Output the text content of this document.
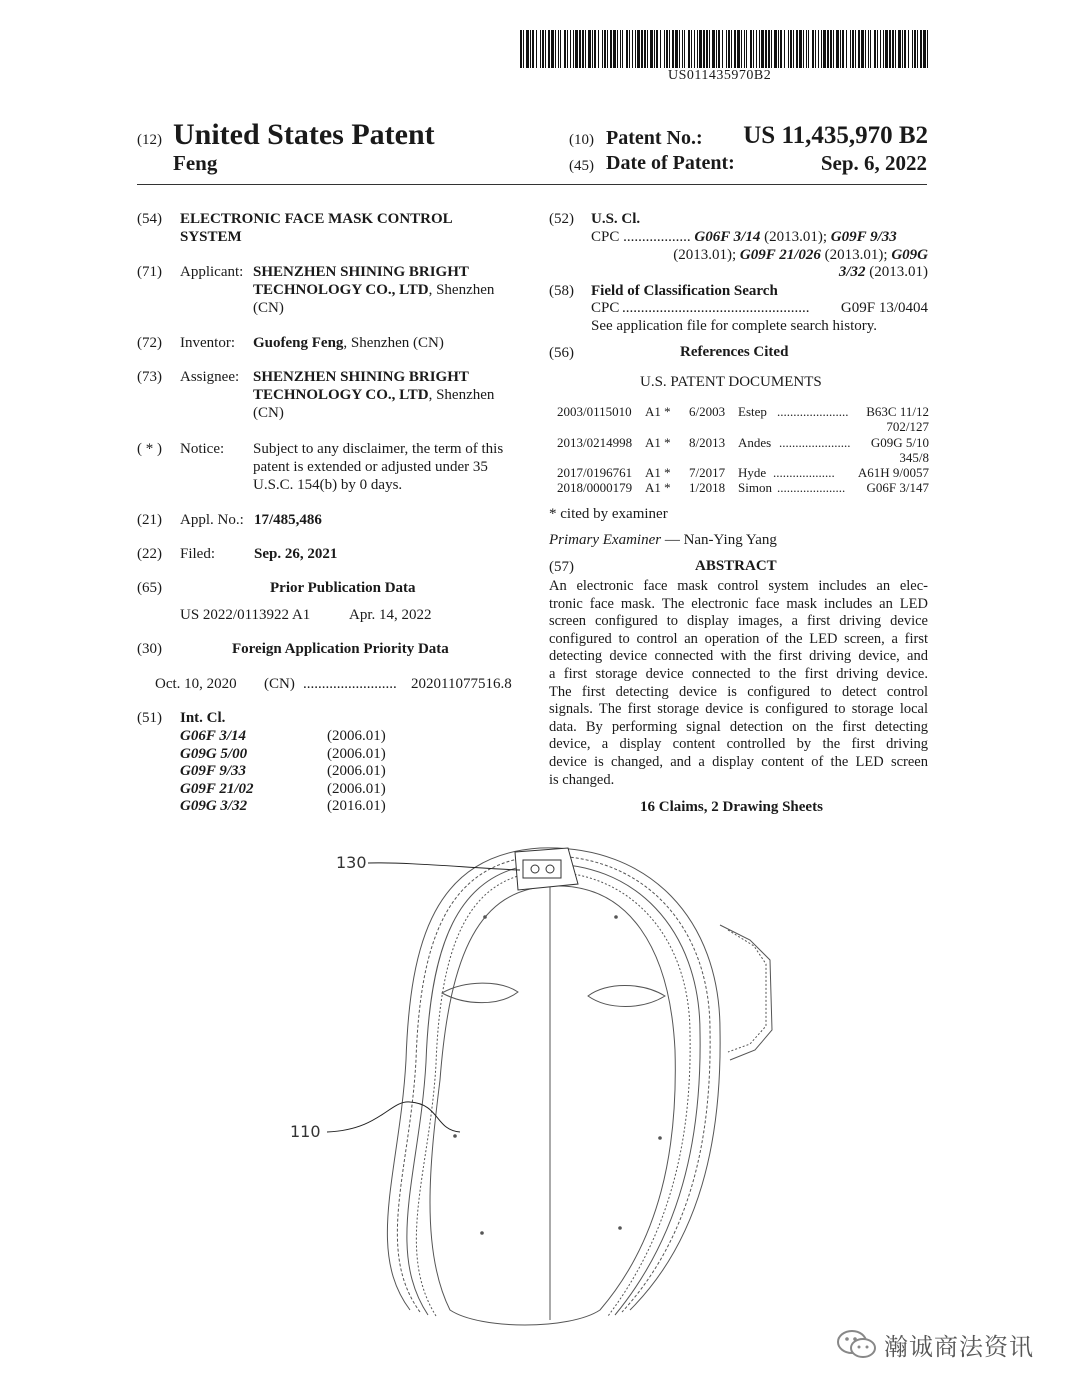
US011435970B2
(12) United States Patent
Feng
(10) Patent No.: US 11,435,970 B2
(45) Date of Patent:	Sep. 6, 2022
(54) ELECTRONIC FACE MASK CONTROL
SYSTEM
(71) Applicant: SHENZHEN SHINING BRIGHT
TECHNOLOGY CO., LTD, Shenzhen
(CN)
(72) Inventor: Guofeng Feng, Shenzhen (CN)
(73) Assignee: SHENZHEN SHINING BRIGHT
TECHNOLOGY CO., LTD, Shenzhen
(CN)
( * ) Notice: Subject to any disclaimer, the term of this
patent is extended or adjusted under 35
U.S.C. 154(b) by 0 days.
(21) Appl. No.: 17/485,486
(22) Filed:	Sep. 26, 2021
(65)	Prior Publication Data
US 2022/0113922 A1	Apr. 14, 2022
(30)	Foreign Application Priority Data
Oct. 10, 2020 (CN) ......................... 202011077516.8
(51) Int. Cl.
G06F 3/14	(2006.01)
G09G 5/00	(2006.01)
G09F 9/33	(2006.01)
G09F 21/02	(2006.01)
G09G 3/32	(2016.01)
(52) U.S. Cl.
CPC .................. G06F 3/14 (2013.01); G09F 9/33
(2013.01); G09F 21/026 (2013.01); G09G
3/32 (2013.01)
(58) Field of Classification Search
CPC .................................................. G09F 13/0404
See application file for complete search history.
(56)	References Cited
U.S. PATENT DOCUMENTS
2003/0115010 A1 * 6/2003 Estep ...................... B63C 11/12
702/127
2013/0214998 A1 * 8/2013 Andes ...................... G09G 5/10
345/8
2017/0196761 A1 * 7/2017 Hyde ................... A61H 9/0057
2018/0000179 A1 * 1/2018 Simon ..................... G06F 3/147
* cited by examiner
Primary Examiner — Nan-Ying Yang
(57)	ABSTRACT
An electronic face mask control system includes an elec-
tronic face mask. The electronic face mask includes an LED
screen configured to display images, a first driving device
configured to control an operation of the LED screen, a first
detecting device connected with the first driving device, and
a first storage device connected to the first driving device.
The first detecting device is configured to detect control
signals. The first storage device is configured to storage local
data. By performing signal detection on the first detecting
device, a display content controlled by the first driving
device is changed, and a display content of the LED screen
is changed.
16 Claims, 2 Drawing Sheets
130
110
瀚诚商法资讯
